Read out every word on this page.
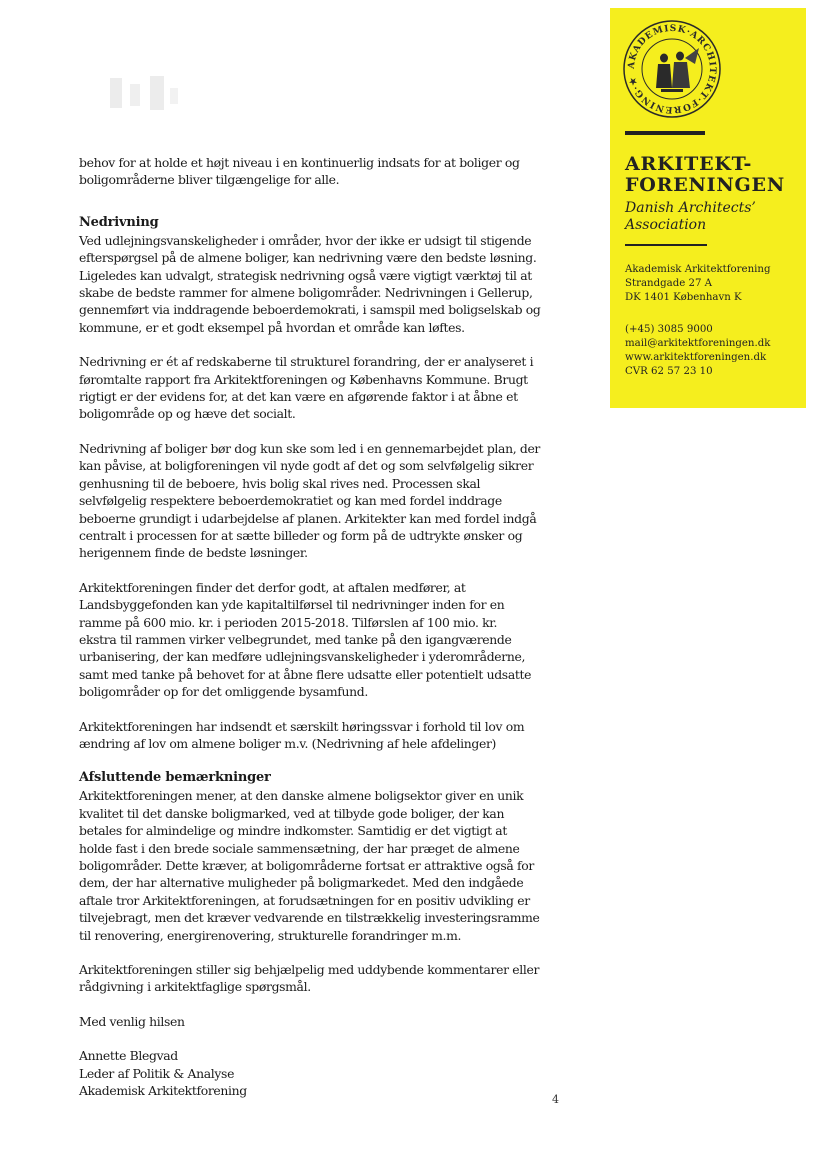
AKADEMISK·ARCHITEKT·FORENING·★
ARKITEKT-
FORENINGEN
Danish Architects’
Association
Akademisk Arkitektforening
Strandgade 27 A
DK 1401 København K
(+45) 3085 9000
mail@arkitektforeningen.dk
www.arkitektforeningen.dk
CVR 62 57 23 10

behov for at holde et højt niveau i en kontinuerlig indsats for at boliger og
boligområderne bliver tilgængelige for alle.

Nedrivning

Ved udlejningsvanskeligheder i områder, hvor der ikke er udsigt til stigende
efterspørgsel på de almene boliger, kan nedrivning være den bedste løsning.
Ligeledes kan udvalgt, strategisk nedrivning også være vigtigt værktøj til at
skabe de bedste rammer for almene boligområder. Nedrivningen i Gellerup,
gennemført via inddragende beboerdemokrati, i samspil med boligselskab og
kommune, er et godt eksempel på hvordan et område kan løftes.

Nedrivning er ét af redskaberne til strukturel forandring, der er analyseret i
føromtalte rapport fra Arkitektforeningen og Københavns Kommune. Brugt
rigtigt er der evidens for, at det kan være en afgørende faktor i at åbne et
boligområde op og hæve det socialt.

Nedrivning af boliger bør dog kun ske som led i en gennemarbejdet plan, der
kan påvise, at boligforeningen vil nyde godt af det og som selvfølgelig sikrer
genhusning til de beboere, hvis bolig skal rives ned. Processen skal
selvfølgelig respektere beboerdemokratiet og kan med fordel inddrage
beboerne grundigt i udarbejdelse af planen. Arkitekter kan med fordel indgå
centralt i processen for at sætte billeder og form på de udtrykte ønsker og
herigennem finde de bedste løsninger.

Arkitektforeningen finder det derfor godt, at aftalen medfører, at
Landsbyggefonden kan yde kapitaltilførsel til nedrivninger inden for en
ramme på 600 mio. kr. i perioden 2015-2018. Tilførslen af 100 mio. kr.
ekstra til rammen virker velbegrundet, med tanke på den igangværende
urbanisering, der kan medføre udlejningsvanskeligheder i yderområderne,
samt med tanke på behovet for at åbne flere udsatte eller potentielt udsatte
boligområder op for det omliggende bysamfund.

Arkitektforeningen har indsendt et særskilt høringssvar i forhold til lov om
ændring af lov om almene boliger m.v. (Nedrivning af hele afdelinger)

Afsluttende bemærkninger

Arkitektforeningen mener, at den danske almene boligsektor giver en unik
kvalitet til det danske boligmarked, ved at tilbyde gode boliger, der kan
betales for almindelige og mindre indkomster. Samtidig er det vigtigt at
holde fast i den brede sociale sammensætning, der har præget de almene
boligområder. Dette kræver, at boligområderne fortsat er attraktive også for
dem, der har alternative muligheder på boligmarkedet. Med den indgåede
aftale tror Arkitektforeningen, at forudsætningen for en positiv udvikling er
tilvejebragt, men det kræver vedvarende en tilstrækkelig investeringsramme
til renovering, energirenovering, strukturelle forandringer m.m.

Arkitektforeningen stiller sig behjælpelig med uddybende kommentarer eller
rådgivning i arkitektfaglige spørgsmål.

Med venlig hilsen

Annette Blegvad
Leder af Politik & Analyse
Akademisk Arkitektforening

4
